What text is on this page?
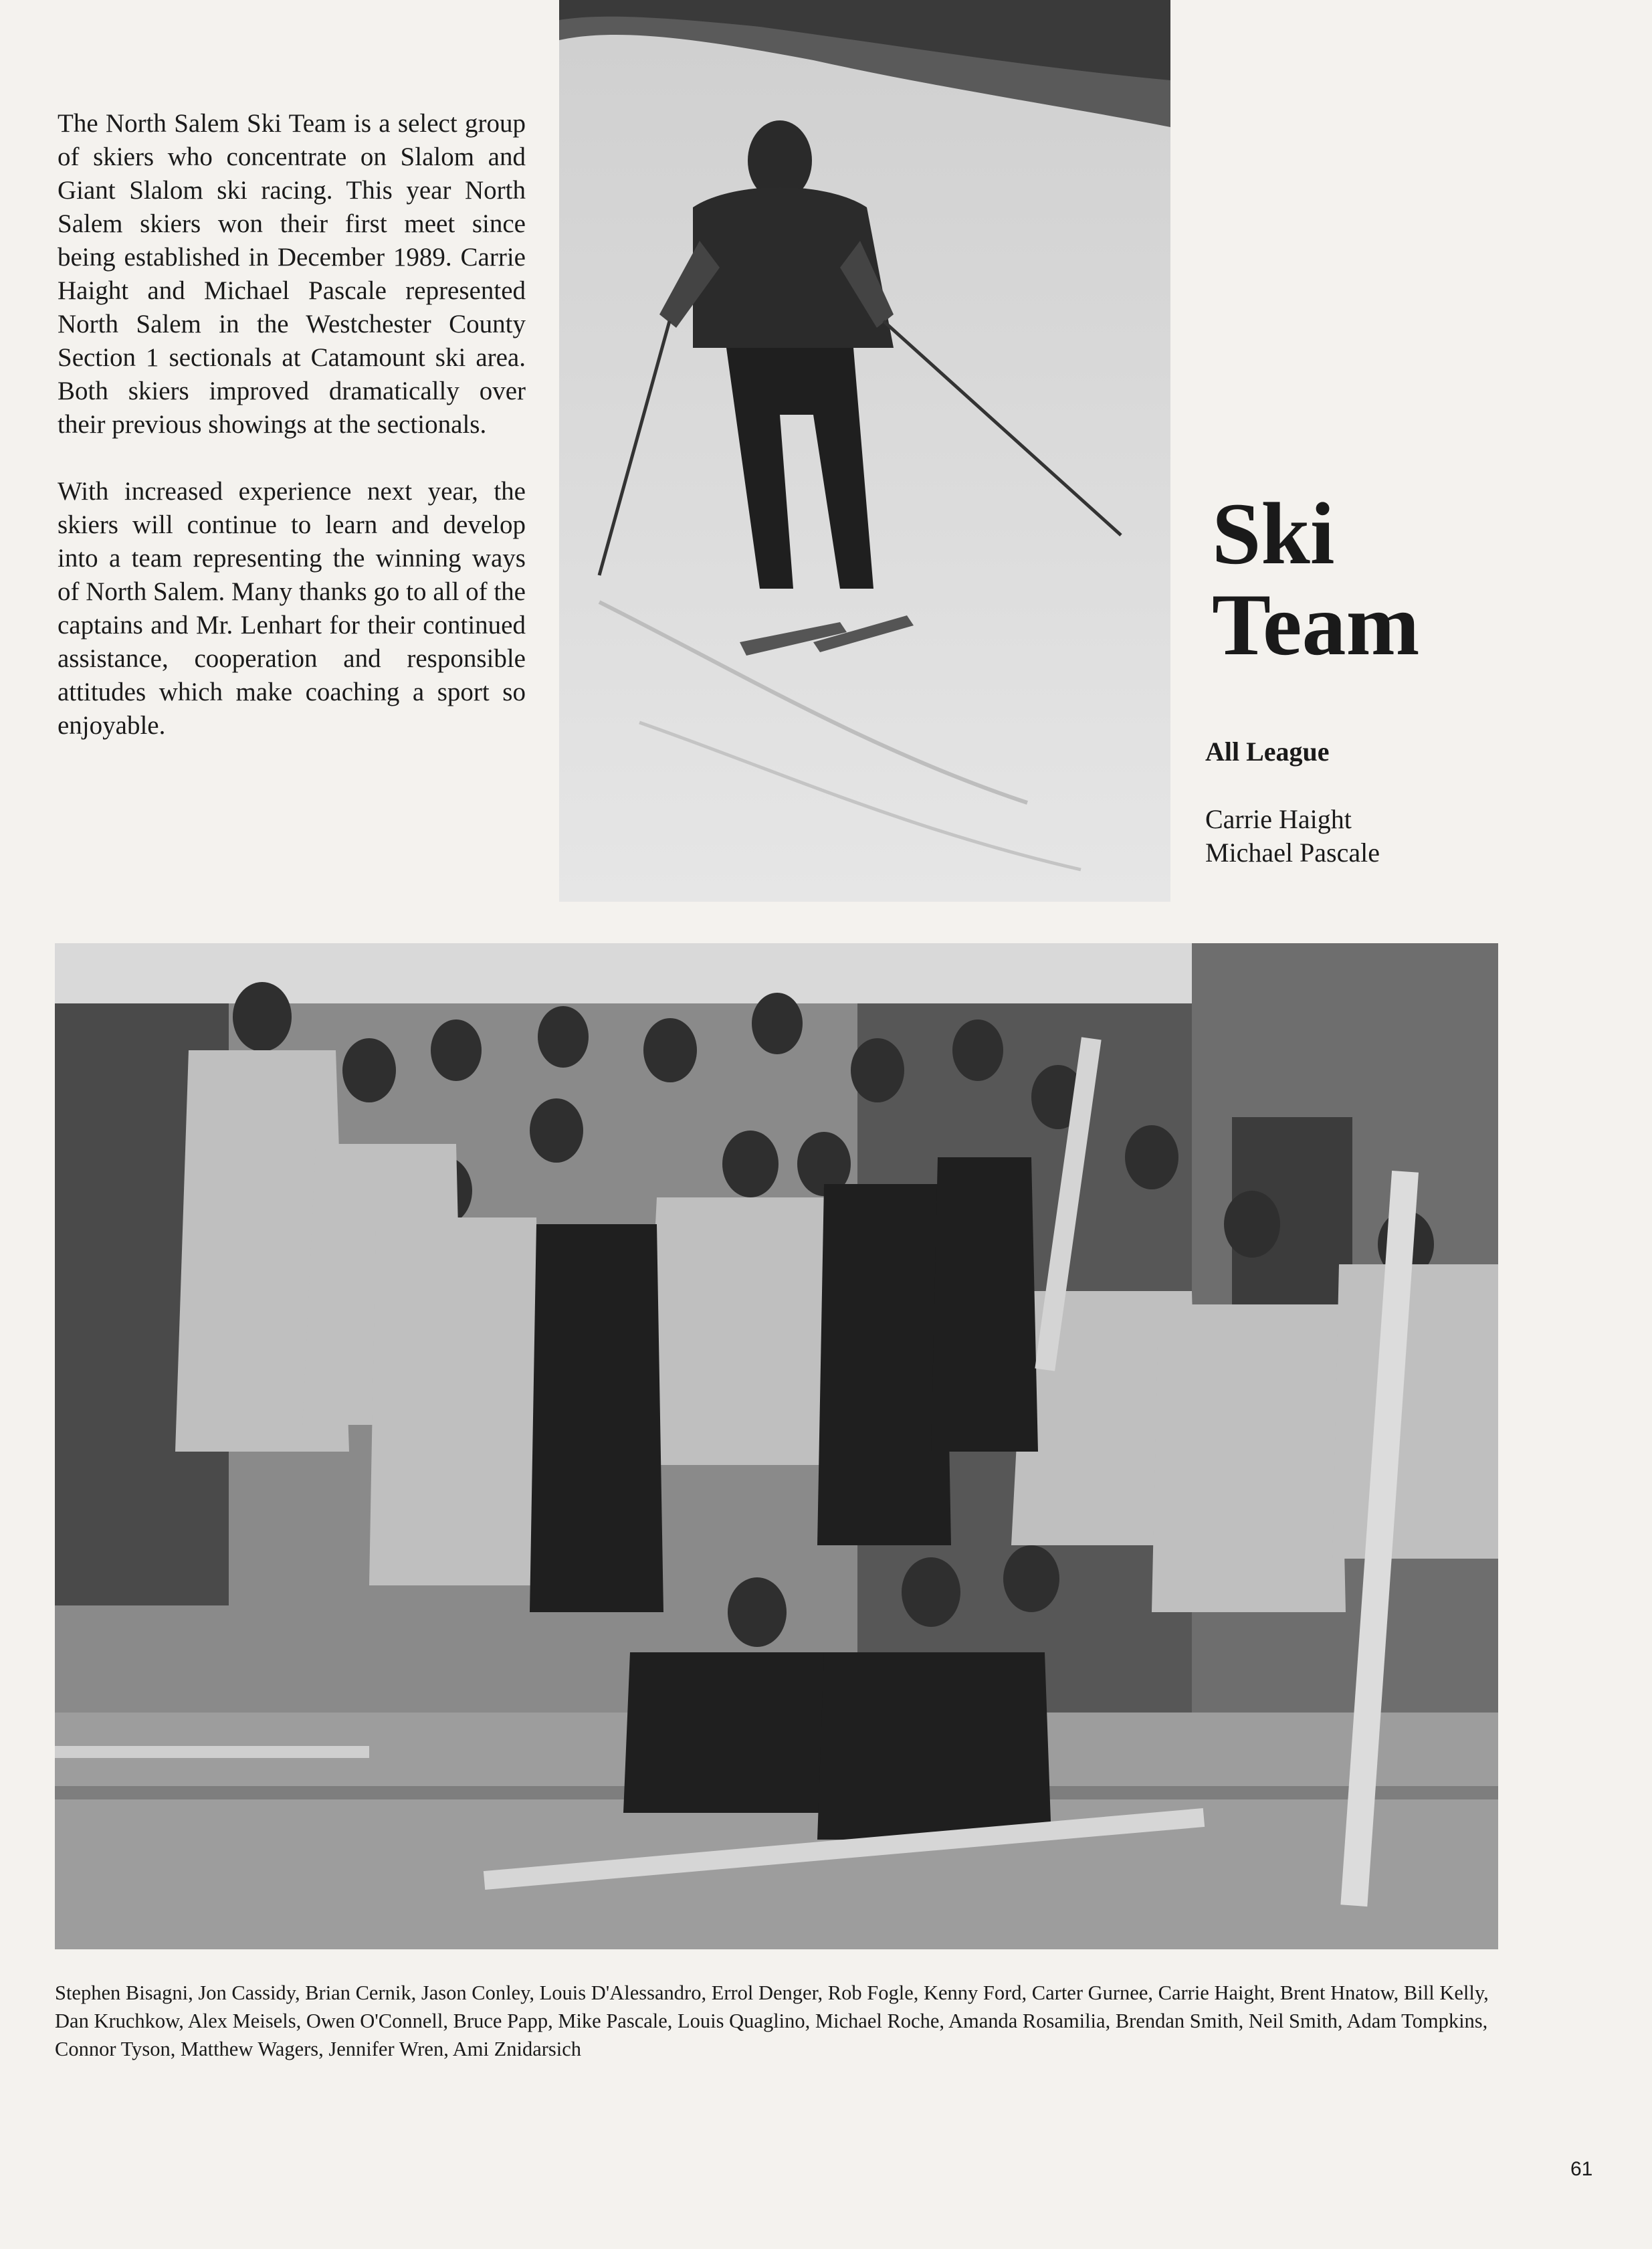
The North Salem Ski Team is a select group of skiers who concentrate on Slalom and Giant Slalom ski racing. This year North Salem skiers won their first meet since being established in December 1989. Carrie Haight and Michael Pascale represented North Salem in the Westchester County Section 1 sectionals at Catamount ski area. Both skiers improved dramatically over their previous showings at the sectionals.

With increased experience next year, the skiers will continue to learn and develop into a team representing the winning ways of North Salem. Many thanks go to all of the captains and Mr. Lenhart for their continued assistance, cooperation and responsible attitudes which make coaching a sport so enjoyable.

Ski
Team
All League
Carrie Haight
Michael Pascale

Stephen Bisagni, Jon Cassidy, Brian Cernik, Jason Conley, Louis D'Alessandro, Errol Denger, Rob Fogle, Kenny Ford, Carter Gurnee, Carrie Haight, Brent Hnatow, Bill Kelly, Dan Kruchkow, Alex Meisels, Owen O'Connell, Bruce Papp, Mike Pascale, Louis Quaglino, Michael Roche, Amanda Rosamilia, Brendan Smith, Neil Smith, Adam Tompkins, Connor Tyson, Matthew Wagers, Jennifer Wren, Ami Znidarsich

61
